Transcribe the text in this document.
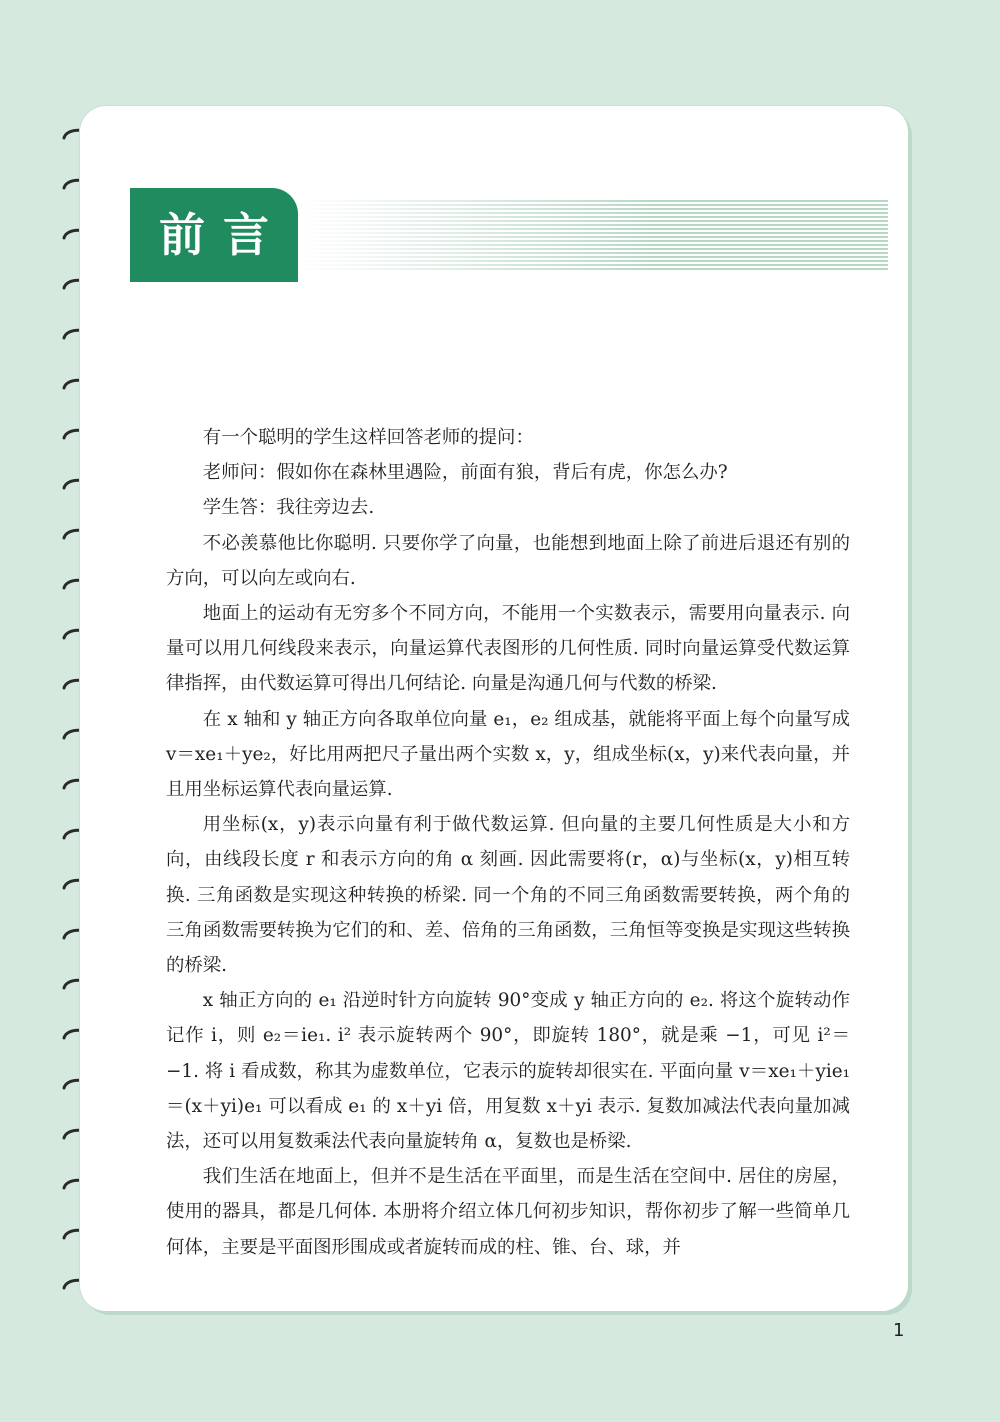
前言

有一个聪明的学生这样回答老师的提问：

老师问：假如你在森林里遇险，前面有狼，背后有虎，你怎么办?

学生答：我往旁边去.

不必羡慕他比你聪明. 只要你学了向量，也能想到地面上除了前进后退还有别的方向，可以向左或向右.

地面上的运动有无穷多个不同方向，不能用一个实数表示，需要用向量表示. 向量可以用几何线段来表示，向量运算代表图形的几何性质. 同时向量运算受代数运算律指挥，由代数运算可得出几何结论. 向量是沟通几何与代数的桥梁.

在 x 轴和 y 轴正方向各取单位向量 e₁，e₂ 组成基，就能将平面上每个向量写成 v＝xe₁＋ye₂，好比用两把尺子量出两个实数 x，y，组成坐标(x，y)来代表向量，并且用坐标运算代表向量运算.

用坐标(x，y)表示向量有利于做代数运算. 但向量的主要几何性质是大小和方向，由线段长度 r 和表示方向的角 α 刻画. 因此需要将(r，α)与坐标(x，y)相互转换. 三角函数是实现这种转换的桥梁. 同一个角的不同三角函数需要转换，两个角的三角函数需要转换为它们的和、差、倍角的三角函数，三角恒等变换是实现这些转换的桥梁.

x 轴正方向的 e₁ 沿逆时针方向旋转 90°变成 y 轴正方向的 e₂. 将这个旋转动作记作 i，则 e₂＝ie₁. i² 表示旋转两个 90°，即旋转 180°，就是乘 −1，可见 i²＝−1. 将 i 看成数，称其为虚数单位，它表示的旋转却很实在. 平面向量 v＝xe₁＋yie₁＝(x＋yi)e₁ 可以看成 e₁ 的 x＋yi 倍，用复数 x＋yi 表示. 复数加减法代表向量加减法，还可以用复数乘法代表向量旋转角 α，复数也是桥梁.

我们生活在地面上，但并不是生活在平面里，而是生活在空间中. 居住的房屋，使用的器具，都是几何体. 本册将介绍立体几何初步知识，帮你初步了解一些简单几何体，主要是平面图形围成或者旋转而成的柱、锥、台、球，并

1
